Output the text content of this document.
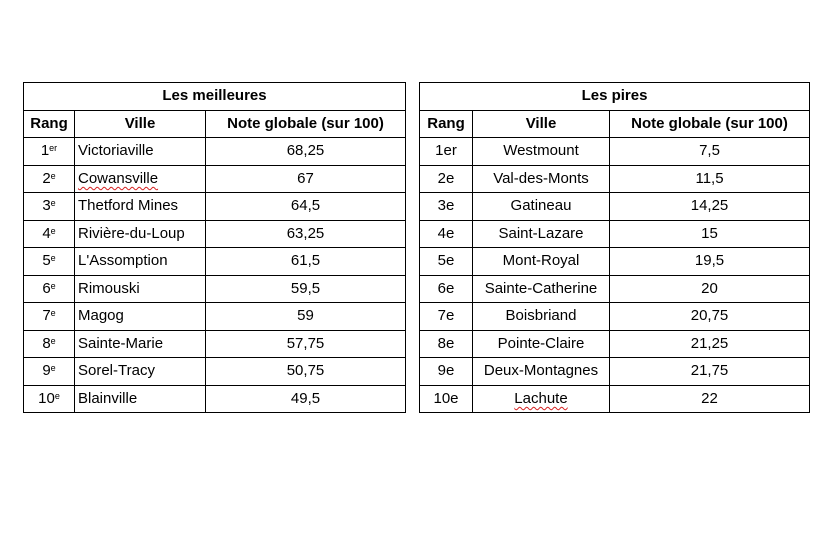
Les meilleures		
Rang	Ville	Note globale (sur 100)
1er	Victoriaville	68,25
2e	Cowansville	67
3e	Thetford Mines	64,5
4e	Rivière-du-Loup	63,25
5e	L'Assomption	61,5
6e	Rimouski	59,5
7e	Magog	59
8e	Sainte-Marie	57,75
9e	Sorel-Tracy	50,75
10e	Blainville	49,5
Les pires		
Rang	Ville	Note globale (sur 100)
1er	Westmount	7,5
2e	Val-des-Monts	11,5
3e	Gatineau	14,25
4e	Saint-Lazare	15
5e	Mont-Royal	19,5
6e	Sainte-Catherine	20
7e	Boisbriand	20,75
8e	Pointe-Claire	21,25
9e	Deux-Montagnes	21,75
10e	Lachute	22
